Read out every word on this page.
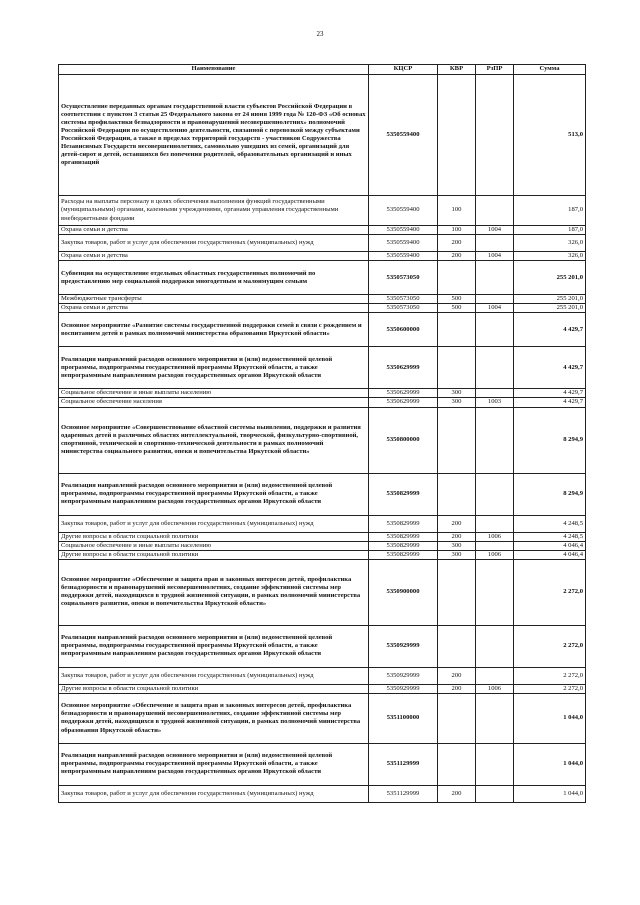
23
Наименование	КЦСР	КВР	РзПР	Сумма
Осуществление переданных органам государственной власти субъектов Российской Федерации в соответствии с пунктом 3 статьи 25 Федерального закона от 24 июня 1999 года № 120-ФЗ «Об основах системы профилактики безнадзорности и правонарушений несовершеннолетних» полномочий Российской Федерации по осуществлению деятельности, связанной с перевозкой между субъектами Российской Федерации, а также в пределах территорий государств - участников Содружества Независимых Государств несовершеннолетних, самовольно ушедших из семей, организаций для детей-сирот и детей, оставшихся без попечения родителей, образовательных организаций и иных организаций	5350559400			513,0
Расходы на выплаты персоналу в целях обеспечения выполнения функций государственными (муниципальными) органами, казенными учреждениями, органами управления государственными внебюджетными фондами	5350559400	100		187,0
Охрана семьи и детства	5350559400	100	1004	187,0
Закупка товаров, работ и услуг для обеспечения государственных (муниципальных) нужд	5350559400	200		326,0
Охрана семьи и детства	5350559400	200	1004	326,0
Субвенция на осуществление отдельных областных государственных полномочий по предоставлению мер социальной поддержки многодетным и малоимущим семьям	5350573050			255 201,0
Межбюджетные трансферты	5350573050	500		255 201,0
Охрана семьи и детства	5350573050	500	1004	255 201,0
Основное мероприятие «Развитие системы государственной поддержки семей в связи с рождением и воспитанием детей в рамках полномочий министерства образования Иркутской области»	5350600000			4 429,7
Реализация направлений расходов основного мероприятия и (или) ведомственной целевой программы, подпрограммы государственной программы Иркутской области, а также непрограммным направлениям расходов государственных органов Иркутской области	5350629999			4 429,7
Социальное обеспечение и иные выплаты населению	5350629999	300		4 429,7
Социальное обеспечение населения	5350629999	300	1003	4 429,7
Основное мероприятие «Совершенствование областной системы выявления, поддержки и развития одаренных детей в различных областях интеллектуальной, творческой, физкультурно-спортивной, спортивной, технической и спортивно-технической деятельности в рамках полномочий министерства социального развития, опеки и попечительства Иркутской области»	5350800000			8 294,9
Реализация направлений расходов основного мероприятия и (или) ведомственной целевой программы, подпрограммы государственной программы Иркутской области, а также непрограммным направлениям расходов государственных органов Иркутской области	5350829999			8 294,9
Закупка товаров, работ и услуг для обеспечения государственных (муниципальных) нужд	5350829999	200		4 248,5
Другие вопросы в области социальной политики	5350829999	200	1006	4 248,5
Социальное обеспечение и иные выплаты населению	5350829999	300		4 046,4
Другие вопросы в области социальной политики	5350829999	300	1006	4 046,4
Основное мероприятие «Обеспечение и защита прав и законных интересов детей, профилактика безнадзорности и правонарушений несовершеннолетних, создание эффективной системы мер поддержки детей, находящихся в трудной жизненной ситуации, в рамках полномочий министерства социального развития, опеки и попечительства Иркутской области»	5350900000			2 272,0
Реализация направлений расходов основного мероприятия и (или) ведомственной целевой программы, подпрограммы государственной программы Иркутской области, а также непрограммным направлениям расходов государственных органов Иркутской области	5350929999			2 272,0
Закупка товаров, работ и услуг для обеспечения государственных (муниципальных) нужд	5350929999	200		2 272,0
Другие вопросы в области социальной политики	5350929999	200	1006	2 272,0
Основное мероприятие «Обеспечение и защита прав и законных интересов детей, профилактика безнадзорности и правонарушений несовершеннолетних, создание эффективной системы мер поддержки детей, находящихся в трудной жизненной ситуации, в рамках полномочий министерства образования Иркутской области»	5351100000			1 044,0
Реализация направлений расходов основного мероприятия и (или) ведомственной целевой программы, подпрограммы государственной программы Иркутской области, а также непрограммным направлениям расходов государственных органов Иркутской области	5351129999			1 044,0
Закупка товаров, работ и услуг для обеспечения государственных (муниципальных) нужд	5351129999	200		1 044,0
